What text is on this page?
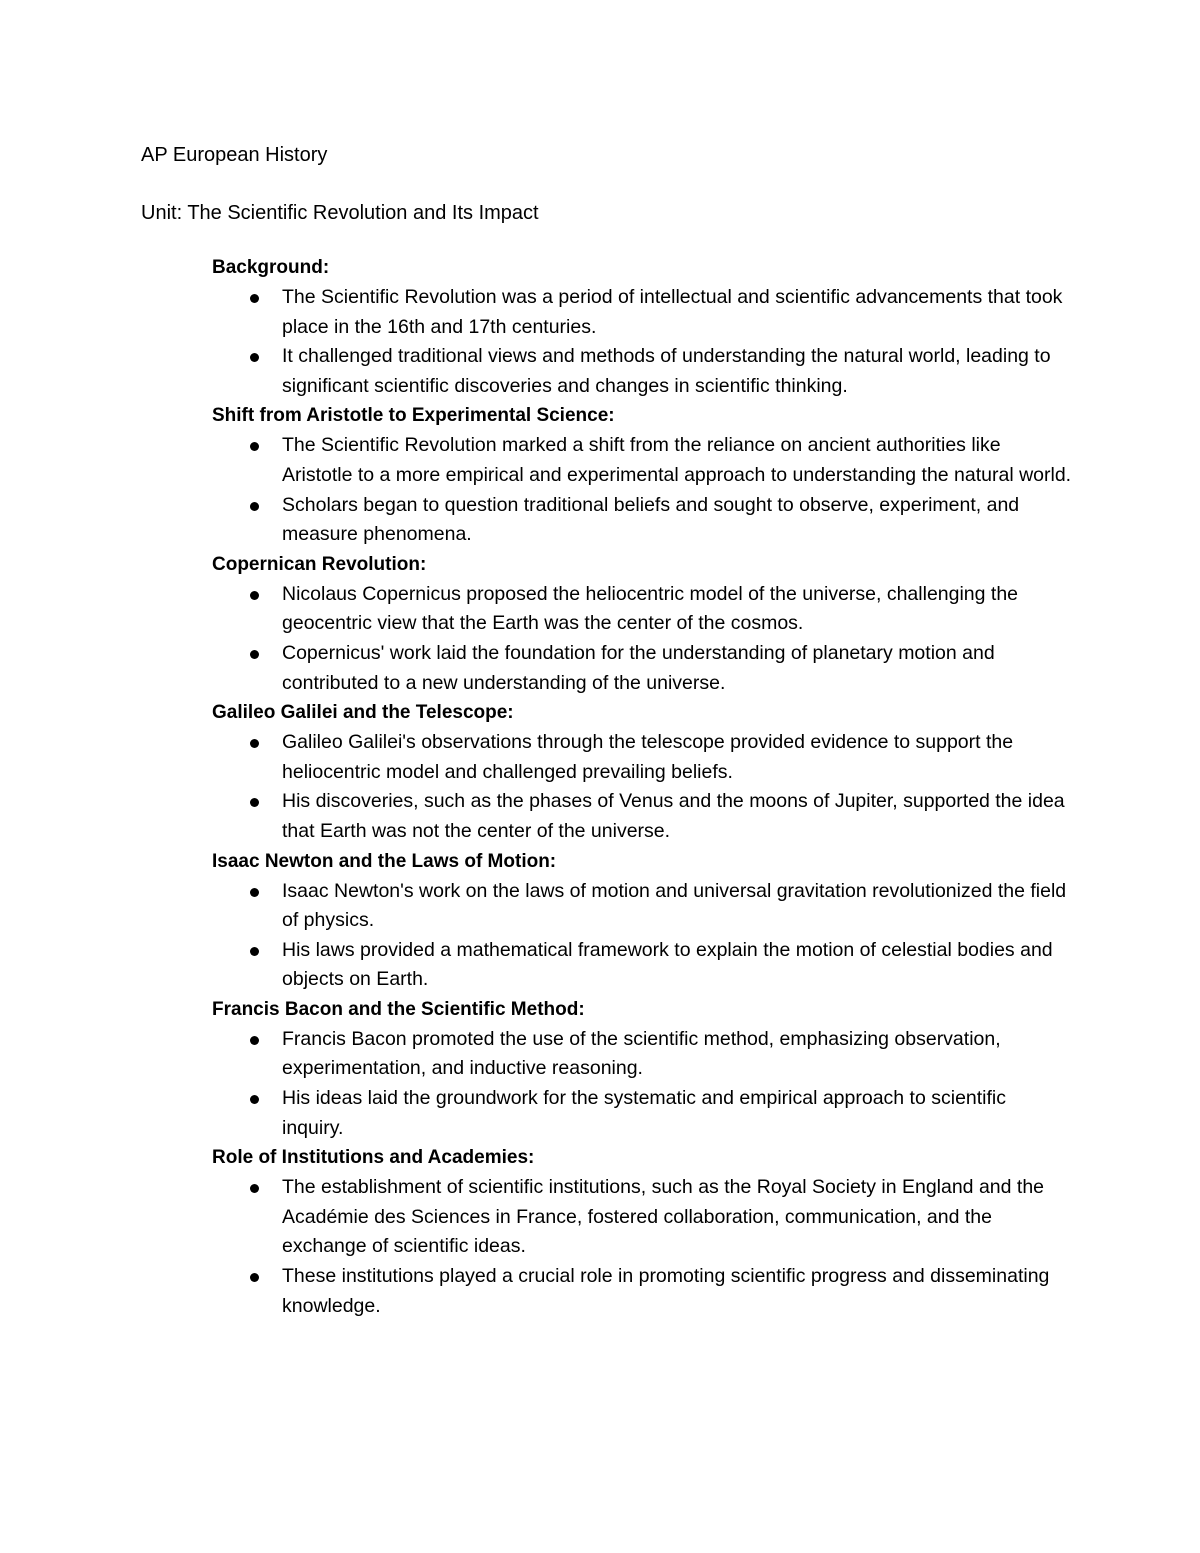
AP European History
Unit: The Scientific Revolution and Its Impact

Background:

The Scientific Revolution was a period of intellectual and scientific advancements that took place in the 16th and 17th centuries.
It challenged traditional views and methods of understanding the natural world, leading to significant scientific discoveries and changes in scientific thinking.

Shift from Aristotle to Experimental Science:

The Scientific Revolution marked a shift from the reliance on ancient authorities like Aristotle to a more empirical and experimental approach to understanding the natural world.
Scholars began to question traditional beliefs and sought to observe, experiment, and measure phenomena.

Copernican Revolution:

Nicolaus Copernicus proposed the heliocentric model of the universe, challenging the geocentric view that the Earth was the center of the cosmos.
Copernicus' work laid the foundation for the understanding of planetary motion and contributed to a new understanding of the universe.

Galileo Galilei and the Telescope:

Galileo Galilei's observations through the telescope provided evidence to support the heliocentric model and challenged prevailing beliefs.
His discoveries, such as the phases of Venus and the moons of Jupiter, supported the idea that Earth was not the center of the universe.

Isaac Newton and the Laws of Motion:

Isaac Newton's work on the laws of motion and universal gravitation revolutionized the field of physics.
His laws provided a mathematical framework to explain the motion of celestial bodies and objects on Earth.

Francis Bacon and the Scientific Method:

Francis Bacon promoted the use of the scientific method, emphasizing observation, experimentation, and inductive reasoning.
His ideas laid the groundwork for the systematic and empirical approach to scientific inquiry.

Role of Institutions and Academies:

The establishment of scientific institutions, such as the Royal Society in England and the Académie des Sciences in France, fostered collaboration, communication, and the exchange of scientific ideas.
These institutions played a crucial role in promoting scientific progress and disseminating knowledge.
